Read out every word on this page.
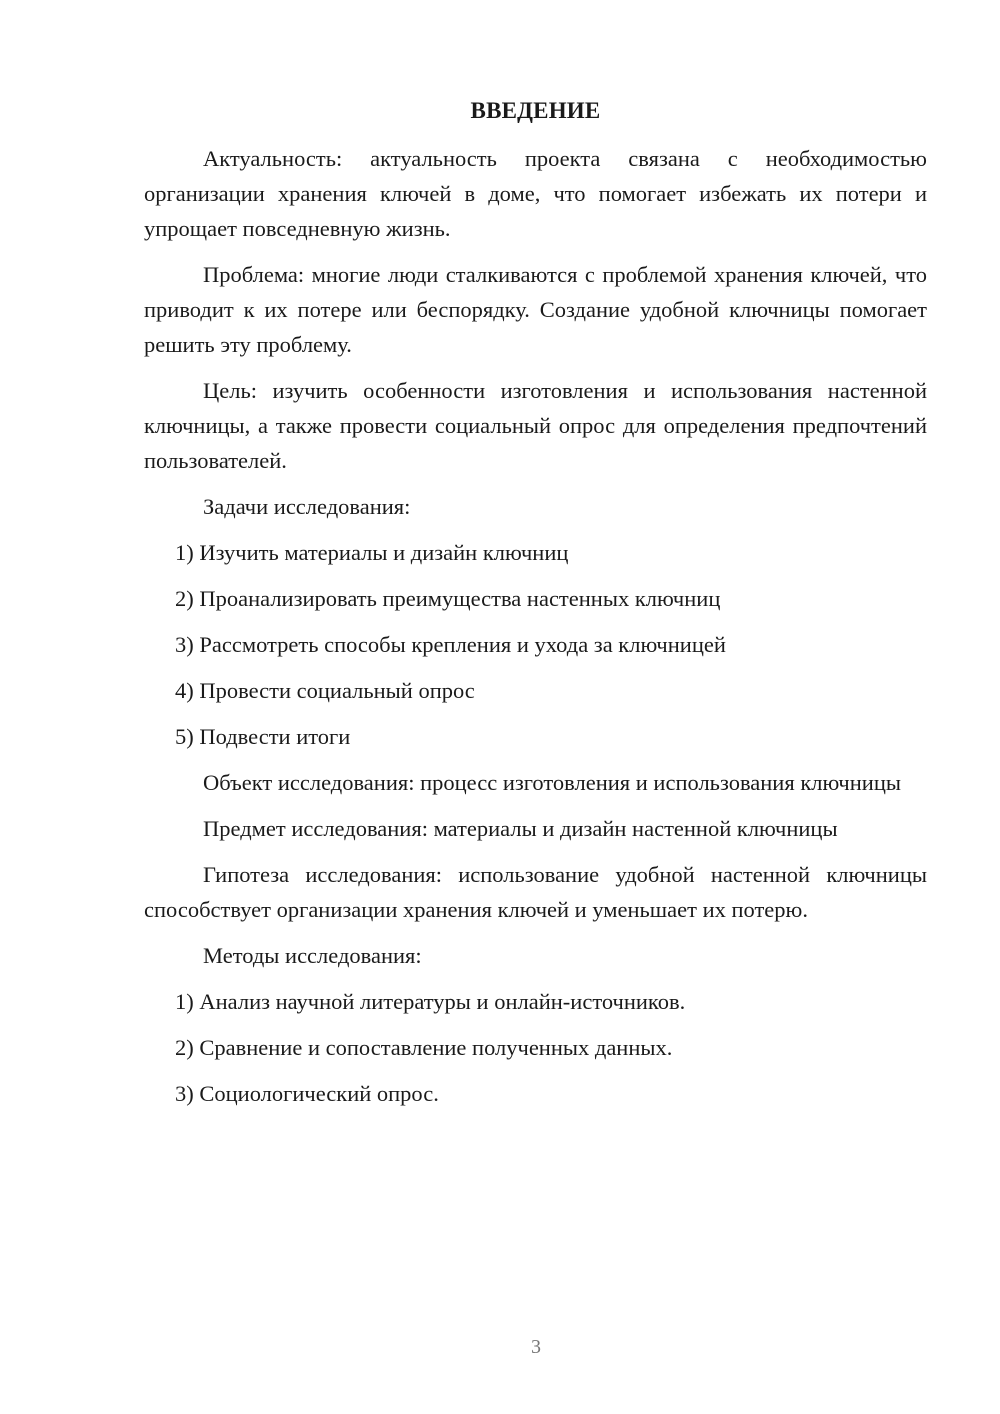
ВВЕДЕНИЕ

Актуальность: актуальность проекта связана с необходимостью организации хранения ключей в доме, что помогает избежать их потери и упрощает повседневную жизнь.

Проблема: многие люди сталкиваются с проблемой хранения ключей, что приводит к их потере или беспорядку. Создание удобной ключницы помогает решить эту проблему.

Цель: изучить особенности изготовления и использования настенной ключницы, а также провести социальный опрос для определения предпочтений пользователей.

Задачи исследования:
1) Изучить материалы и дизайн ключниц
2) Проанализировать преимущества настенных ключниц
3) Рассмотреть способы крепления и ухода за ключницей
4) Провести социальный опрос
5) Подвести итоги

Объект исследования: процесс изготовления и использования ключницы

Предмет исследования: материалы и дизайн настенной ключницы

Гипотеза исследования: использование удобной настенной ключницы способствует организации хранения ключей и уменьшает их потерю.

Методы исследования:
1) Анализ научной литературы и онлайн-источников.
2) Сравнение и сопоставление полученных данных.
3) Социологический опрос.
3
